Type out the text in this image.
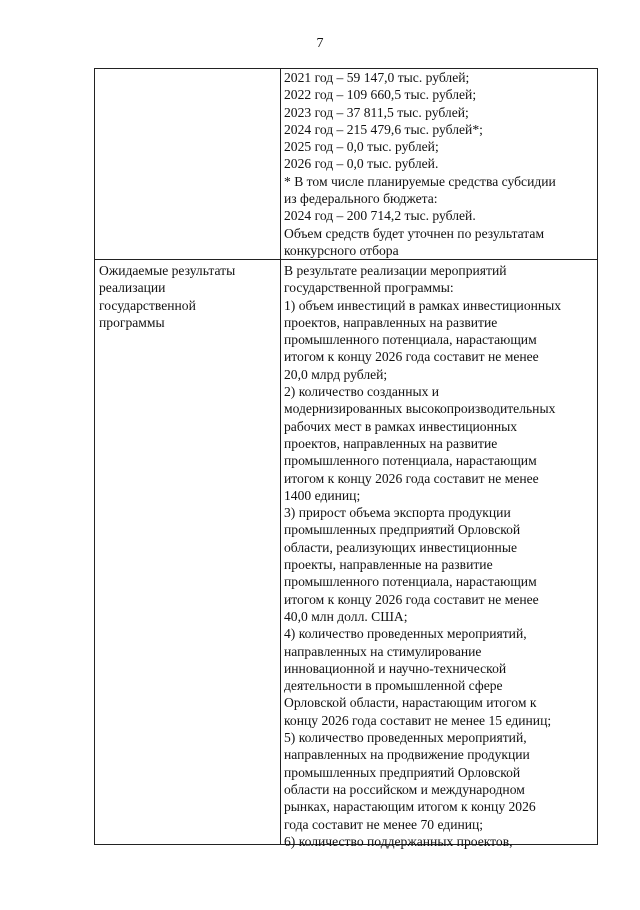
7
2021 год – 59 147,0 тыс. рублей;
2022 год – 109 660,5 тыс. рублей;
2023 год – 37 811,5 тыс. рублей;
2024 год – 215 479,6 тыс. рублей*;
2025 год – 0,0 тыс. рублей;
2026 год – 0,0 тыс. рублей.
* В том числе планируемые средства субсидии
из федерального бюджета:
2024 год – 200 714,2 тыс. рублей.
Объем средств будет уточнен по результатам
конкурсного отбора
Ожидаемые результаты
реализации
государственной
программы
В результате реализации мероприятий
государственной программы:
1) объем инвестиций в рамках инвестиционных
проектов, направленных на развитие
промышленного потенциала, нарастающим
итогом к концу 2026 года составит не менее
20,0 млрд рублей;
2) количество созданных и
модернизированных высокопроизводительных
рабочих мест в рамках инвестиционных
проектов, направленных на развитие
промышленного потенциала, нарастающим
итогом к концу 2026 года составит не менее
1400 единиц;
3) прирост объема экспорта продукции
промышленных предприятий Орловской
области, реализующих инвестиционные
проекты, направленные на развитие
промышленного потенциала, нарастающим
итогом к концу 2026 года составит не менее
40,0 млн долл. США;
4) количество проведенных мероприятий,
направленных на стимулирование
инновационной и научно-технической
деятельности в промышленной сфере
Орловской области, нарастающим итогом к
концу 2026 года составит не менее 15 единиц;
5) количество проведенных мероприятий,
направленных на продвижение продукции
промышленных предприятий Орловской
области на российском и международном
рынках, нарастающим итогом к концу 2026
года составит не менее 70 единиц;
6) количество поддержанных проектов,
